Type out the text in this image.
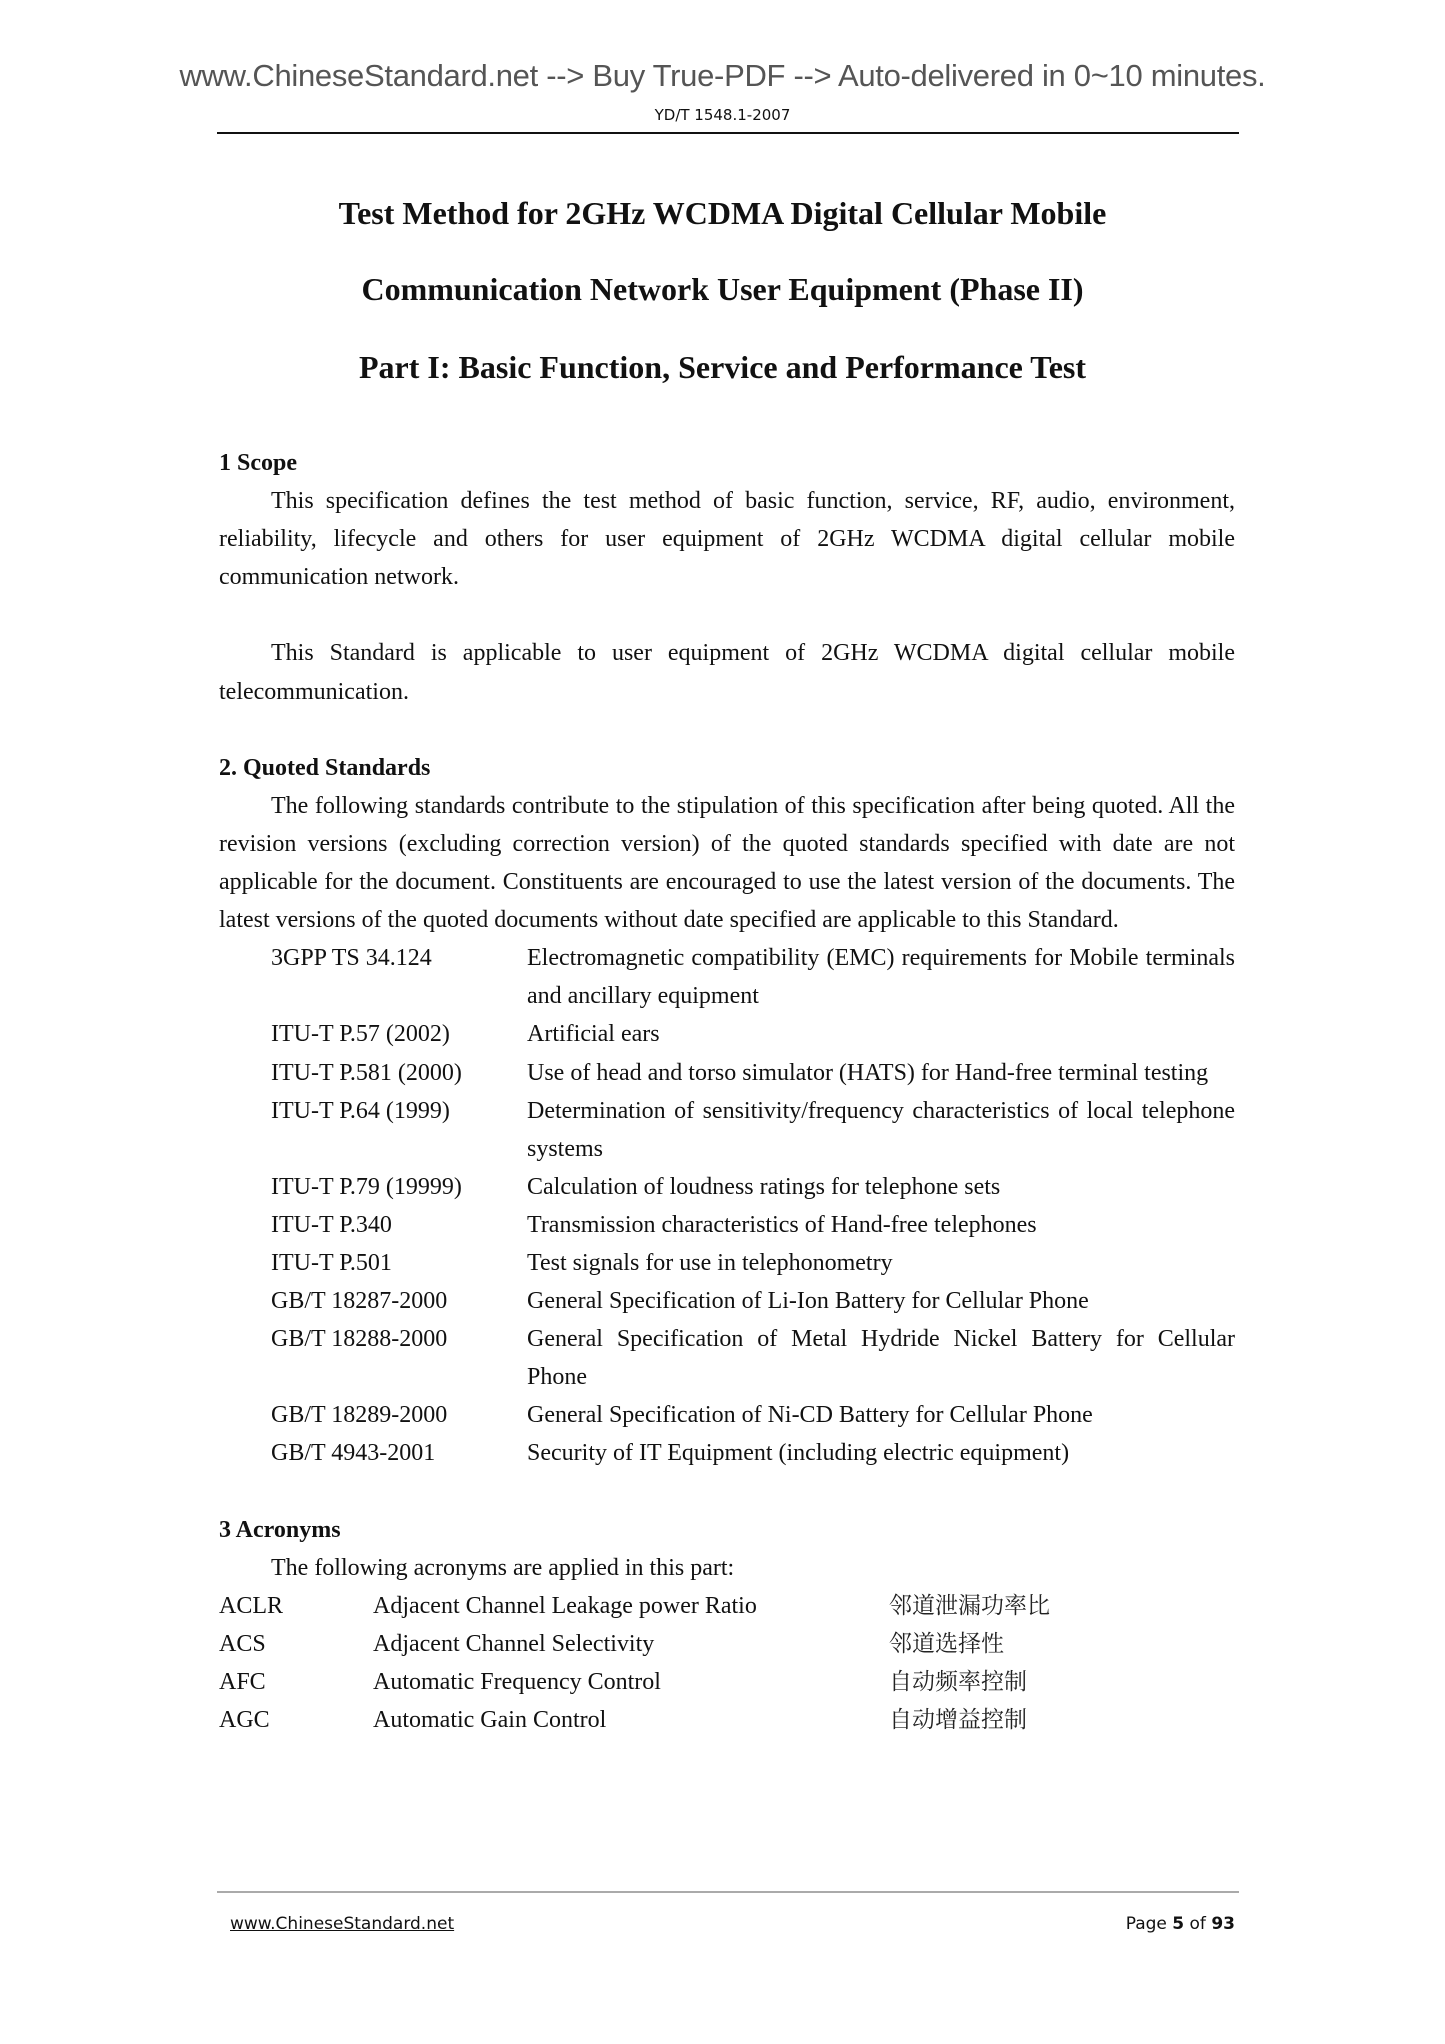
www.ChineseStandard.net --> Buy True-PDF --> Auto-delivered in 0~10 minutes.
YD/T 1548.1-2007
Test Method for 2GHz WCDMA Digital Cellular Mobile
Communication Network User Equipment (Phase II)
Part I: Basic Function, Service and Performance Test
1 Scope
This specification defines the test method of basic function, service, RF, audio, environment, reliability, lifecycle and others for user equipment of 2GHz WCDMA digital cellular mobile communication network.
This Standard is applicable to user equipment of 2GHz WCDMA digital cellular mobile telecommunication.
2. Quoted Standards
The following standards contribute to the stipulation of this specification after being quoted. All the revision versions (excluding correction version) of the quoted standards specified with date are not applicable for the document. Constituents are encouraged to use the latest version of the documents. The latest versions of the quoted documents without date specified are applicable to this Standard.
3GPP TS 34.124	Electromagnetic compatibility (EMC) requirements for Mobile terminals and ancillary equipment
ITU-T P.57 (2002)	Artificial ears
ITU-T P.581 (2000)	Use of head and torso simulator (HATS) for Hand-free terminal testing
ITU-T P.64 (1999)	Determination of sensitivity/frequency characteristics of local telephone systems
ITU-T P.79 (19999)	Calculation of loudness ratings for telephone sets
ITU-T P.340	Transmission characteristics of Hand-free telephones
ITU-T P.501	Test signals for use in telephonometry
GB/T 18287-2000	General Specification of Li-Ion Battery for Cellular Phone
GB/T 18288-2000	General Specification of Metal Hydride Nickel Battery for Cellular Phone
GB/T 18289-2000	General Specification of Ni-CD Battery for Cellular Phone
GB/T 4943-2001	Security of IT Equipment (including electric equipment)
3 Acronyms
The following acronyms are applied in this part:
ACLR	Adjacent Channel Leakage power Ratio	邻道泄漏功率比
ACS	Adjacent Channel Selectivity	邻道选择性
AFC	Automatic Frequency Control	自动频率控制
AGC	Automatic Gain Control	自动增益控制
www.ChineseStandard.net	Page 5 of 93
